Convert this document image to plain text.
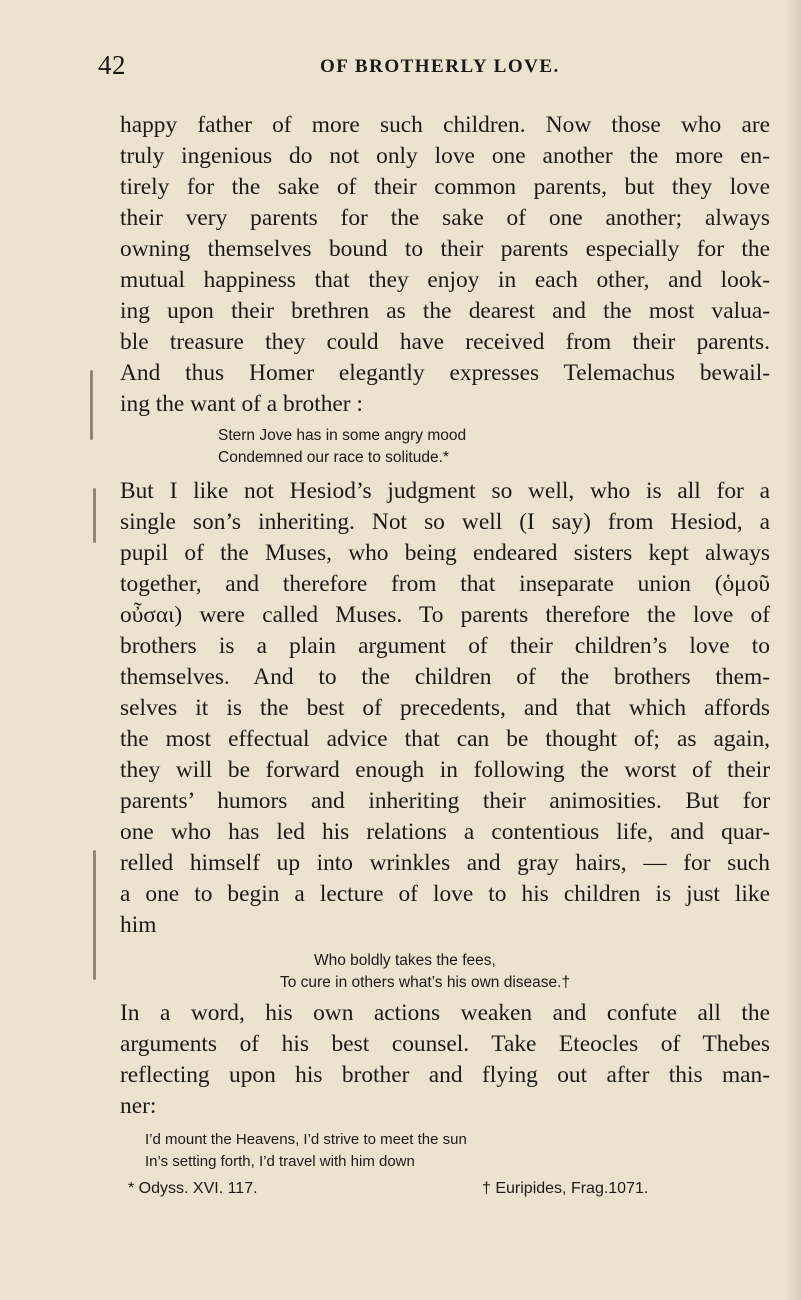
42	OF BROTHERLY LOVE.

happy father of more such children. Now those who are

truly ingenious do not only love one another the more en-

tirely for the sake of their common parents, but they love

their very parents for the sake of one another; always

owning themselves bound to their parents especially for the

mutual happiness that they enjoy in each other, and look-

ing upon their brethren as the dearest and the most valua-

ble treasure they could have received from their parents.

And thus Homer elegantly expresses Telemachus bewail-

ing the want of a brother :

Stern Jove has in some angry mood

Condemned our race to solitude.*

But I like not Hesiod’s judgment so well, who is all for a

single son’s inheriting. Not so well (I say) from Hesiod, a

pupil of the Muses, who being endeared sisters kept always

together, and therefore from that inseparate union (ὁμοῦ

οὖσαι) were called Muses. To parents therefore the love of

brothers is a plain argument of their children’s love to

themselves. And to the children of the brothers them-

selves it is the best of precedents, and that which affords

the most effectual advice that can be thought of; as again,

they will be forward enough in following the worst of their

parents’ humors and inheriting their animosities. But for

one who has led his relations a contentious life, and quar-

relled himself up into wrinkles and gray hairs, — for such

a one to begin a lecture of love to his children is just like

him

Who boldly takes the fees,

To cure in others what’s his own disease.†

In a word, his own actions weaken and confute all the

arguments of his best counsel. Take Eteocles of Thebes

reflecting upon his brother and flying out after this man-

ner:

I’d mount the Heavens, I’d strive to meet the sun

In’s setting forth, I’d travel with him down

* Odyss. XVI. 117.	† Euripides, Frag.1071.
